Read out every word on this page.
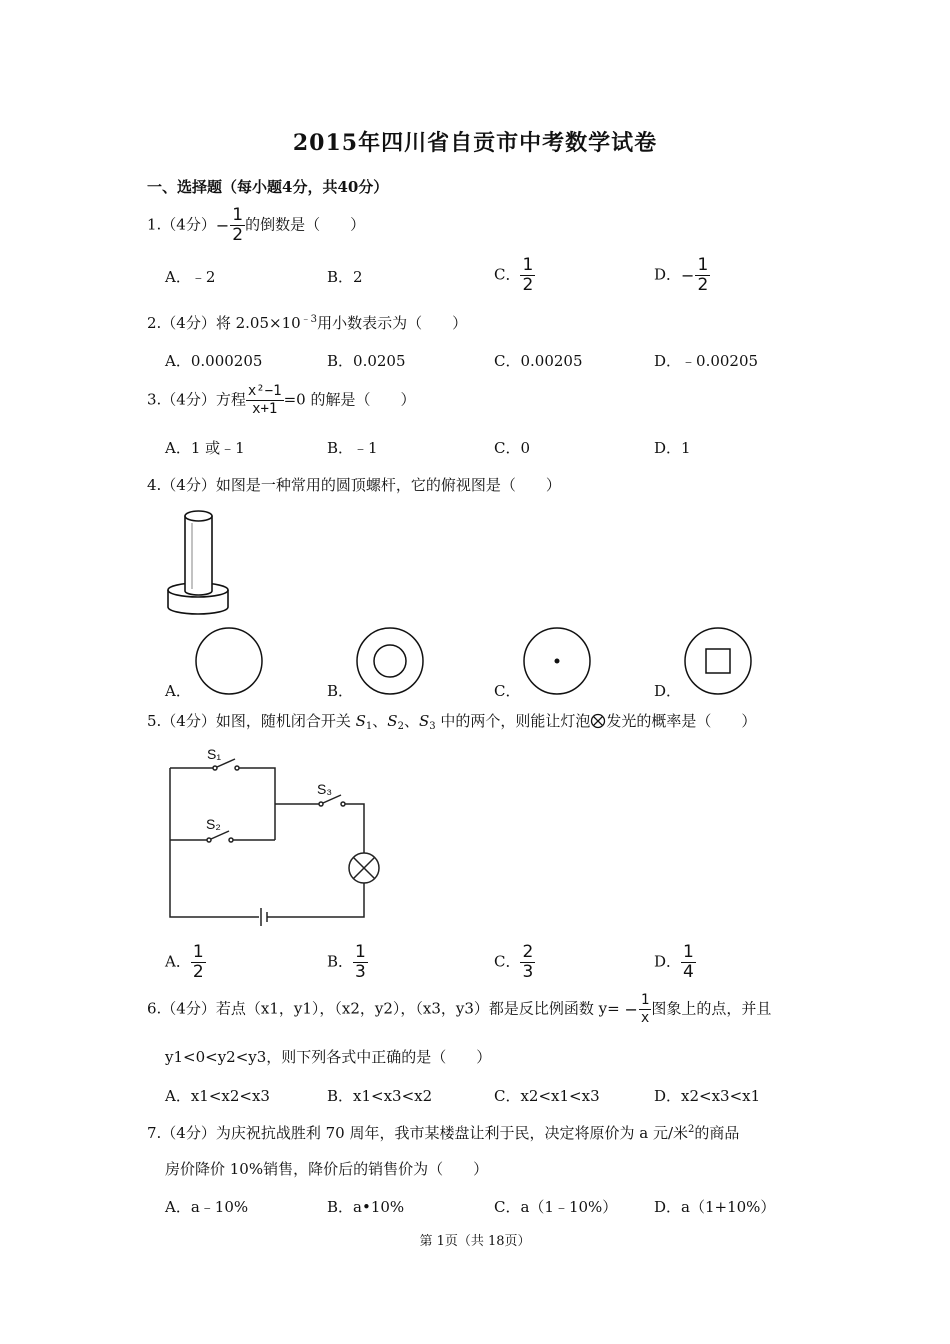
2015年四川省自贡市中考数学试卷
一、选择题（每小题4分，共40分）
1.（4分）− $\frac{1}{2}$ 的倒数是（　　）
A．﹣2	B．2	C． $\frac{1}{2}$	D．− $\frac{1}{2}$
2.（4分）将 $2.05\times 10^{﹣3}$用小数表示为（　　）
A．0.000205	B．0.0205	C．0.00205	D．﹣0.00205
3.（4分）方程 $\frac{\text{x²−1}}{x+1} =0$ 的解是（　　）
A．1 或﹣1	B．﹣1	C．0	D．1
4.（4分）如图是一种常用的圆顶螺杆，它的俯视图是（　　）
A．	B．	C．	D．
5.（4分）如图，随机闭合开关 $S_1$、$S_2$、$S_3$ 中的两个，则能让灯泡 发光的概率是（　　）
S₁
S₂
S₃
A． $\frac{1}{2}$	B． $\frac{1}{3}$	C． $\frac{2}{3}$	D． $\frac{1}{4}$
6.（4分）若点（x1，y1），（x2，y2），（x3，y3）都是反比例函数 $y= - \frac{1}{x}$ 图象上的点，并且
y1<0<y2<y3，则下列各式中正确的是（　　）
A．x1<x2<x3	B．x1<x3<x2	C．x2<x1<x3	D．x2<x3<x1
7.（4分）为庆祝抗战胜利 70 周年，我市某楼盘让利于民，决定将原价为 a 元/米$^2$的商品
房价降价 10%销售，降价后的销售价为（　　）
A．a﹣10%	B．a•10%	C．a（1﹣10%） D．a（1+10%）
第 1页（共 18页）
